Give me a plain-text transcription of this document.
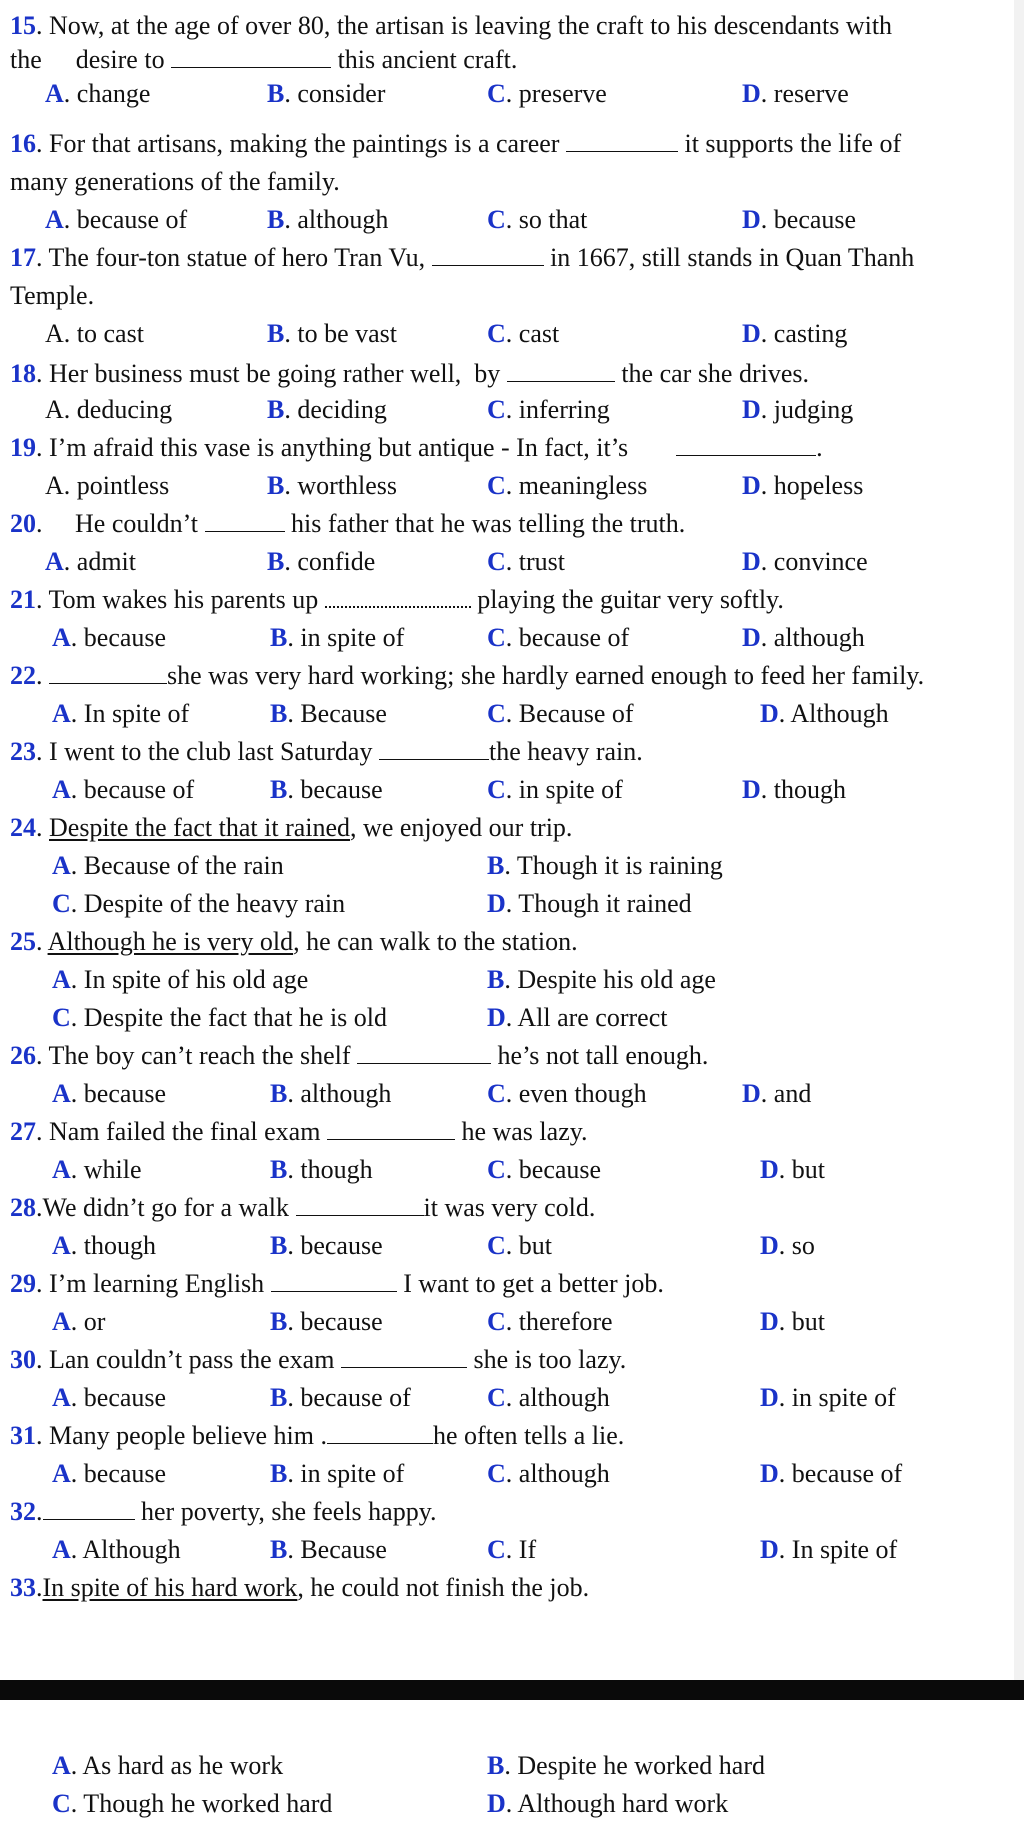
15. Now, at the age of over 80, the artisan is leaving the craft to his descendants with
the desire to	this ancient craft.
A. change	B. consider	C. preserve	D. reserve
16. For that artisans, making the paintings is a career	it supports the life of
many generations of the family.
A. because of	B. although	C. so that	D. because
17. The four-ton statue of hero Tran Vu,	in 1667, still stands in Quan Thanh
Temple.
A. to cast	B. to be vast	C. cast	D. casting
18. Her business must be going rather well,  by	the car she drives.
A. deducing	B. deciding	C. inferring	D. judging
19. I’m afraid this vase is anything but antique - In fact, it’s	.
A. pointless	B. worthless	C. meaningless	D. hopeless
20.     He couldn’t	his father that he was telling the truth.
A. admit	B. confide	C. trust	D. convince
21. Tom wakes his parents up	playing the guitar very softly.
A. because	B. in spite of	C. because of	D. although
22.	she was very hard working; she hardly earned enough to feed her family.
A. In spite of	B. Because	C. Because of	D. Although
23. I went to the club last Saturday	the heavy rain.
A. because of	B. because	C. in spite of	D. though
24. Despite the fact that it rained, we enjoyed our trip.
A. Because of the rain	B. Though it is raining
C. Despite of the heavy rain	D. Though it rained
25. Although he is very old, he can walk to the station.
A. In spite of his old age	B. Despite his old age
C. Despite the fact that he is old	D. All are correct
26. The boy can’t reach the shelf	he’s not tall enough.
A. because	B. although	C. even though	D. and
27. Nam failed the final exam	he was lazy.
A. while	B. though	C. because	D. but
28.We didn’t go for a walk	it was very cold.
A. though	B. because	C. but	D. so
29. I’m learning English	I want to get a better job.
A. or	B. because	C. therefore	D. but
30. Lan couldn’t pass the exam	she is too lazy.
A. because	B. because of	C. although	D. in spite of
31. Many people believe him .	he often tells a lie.
A. because	B. in spite of	C. although	D. because of
32.	her poverty, she feels happy.
A. Although	B. Because	C. If	D. In spite of
33.In spite of his hard work, he could not finish the job.
A. As hard as he work	B. Despite he worked hard
C. Though he worked hard	D. Although hard work
